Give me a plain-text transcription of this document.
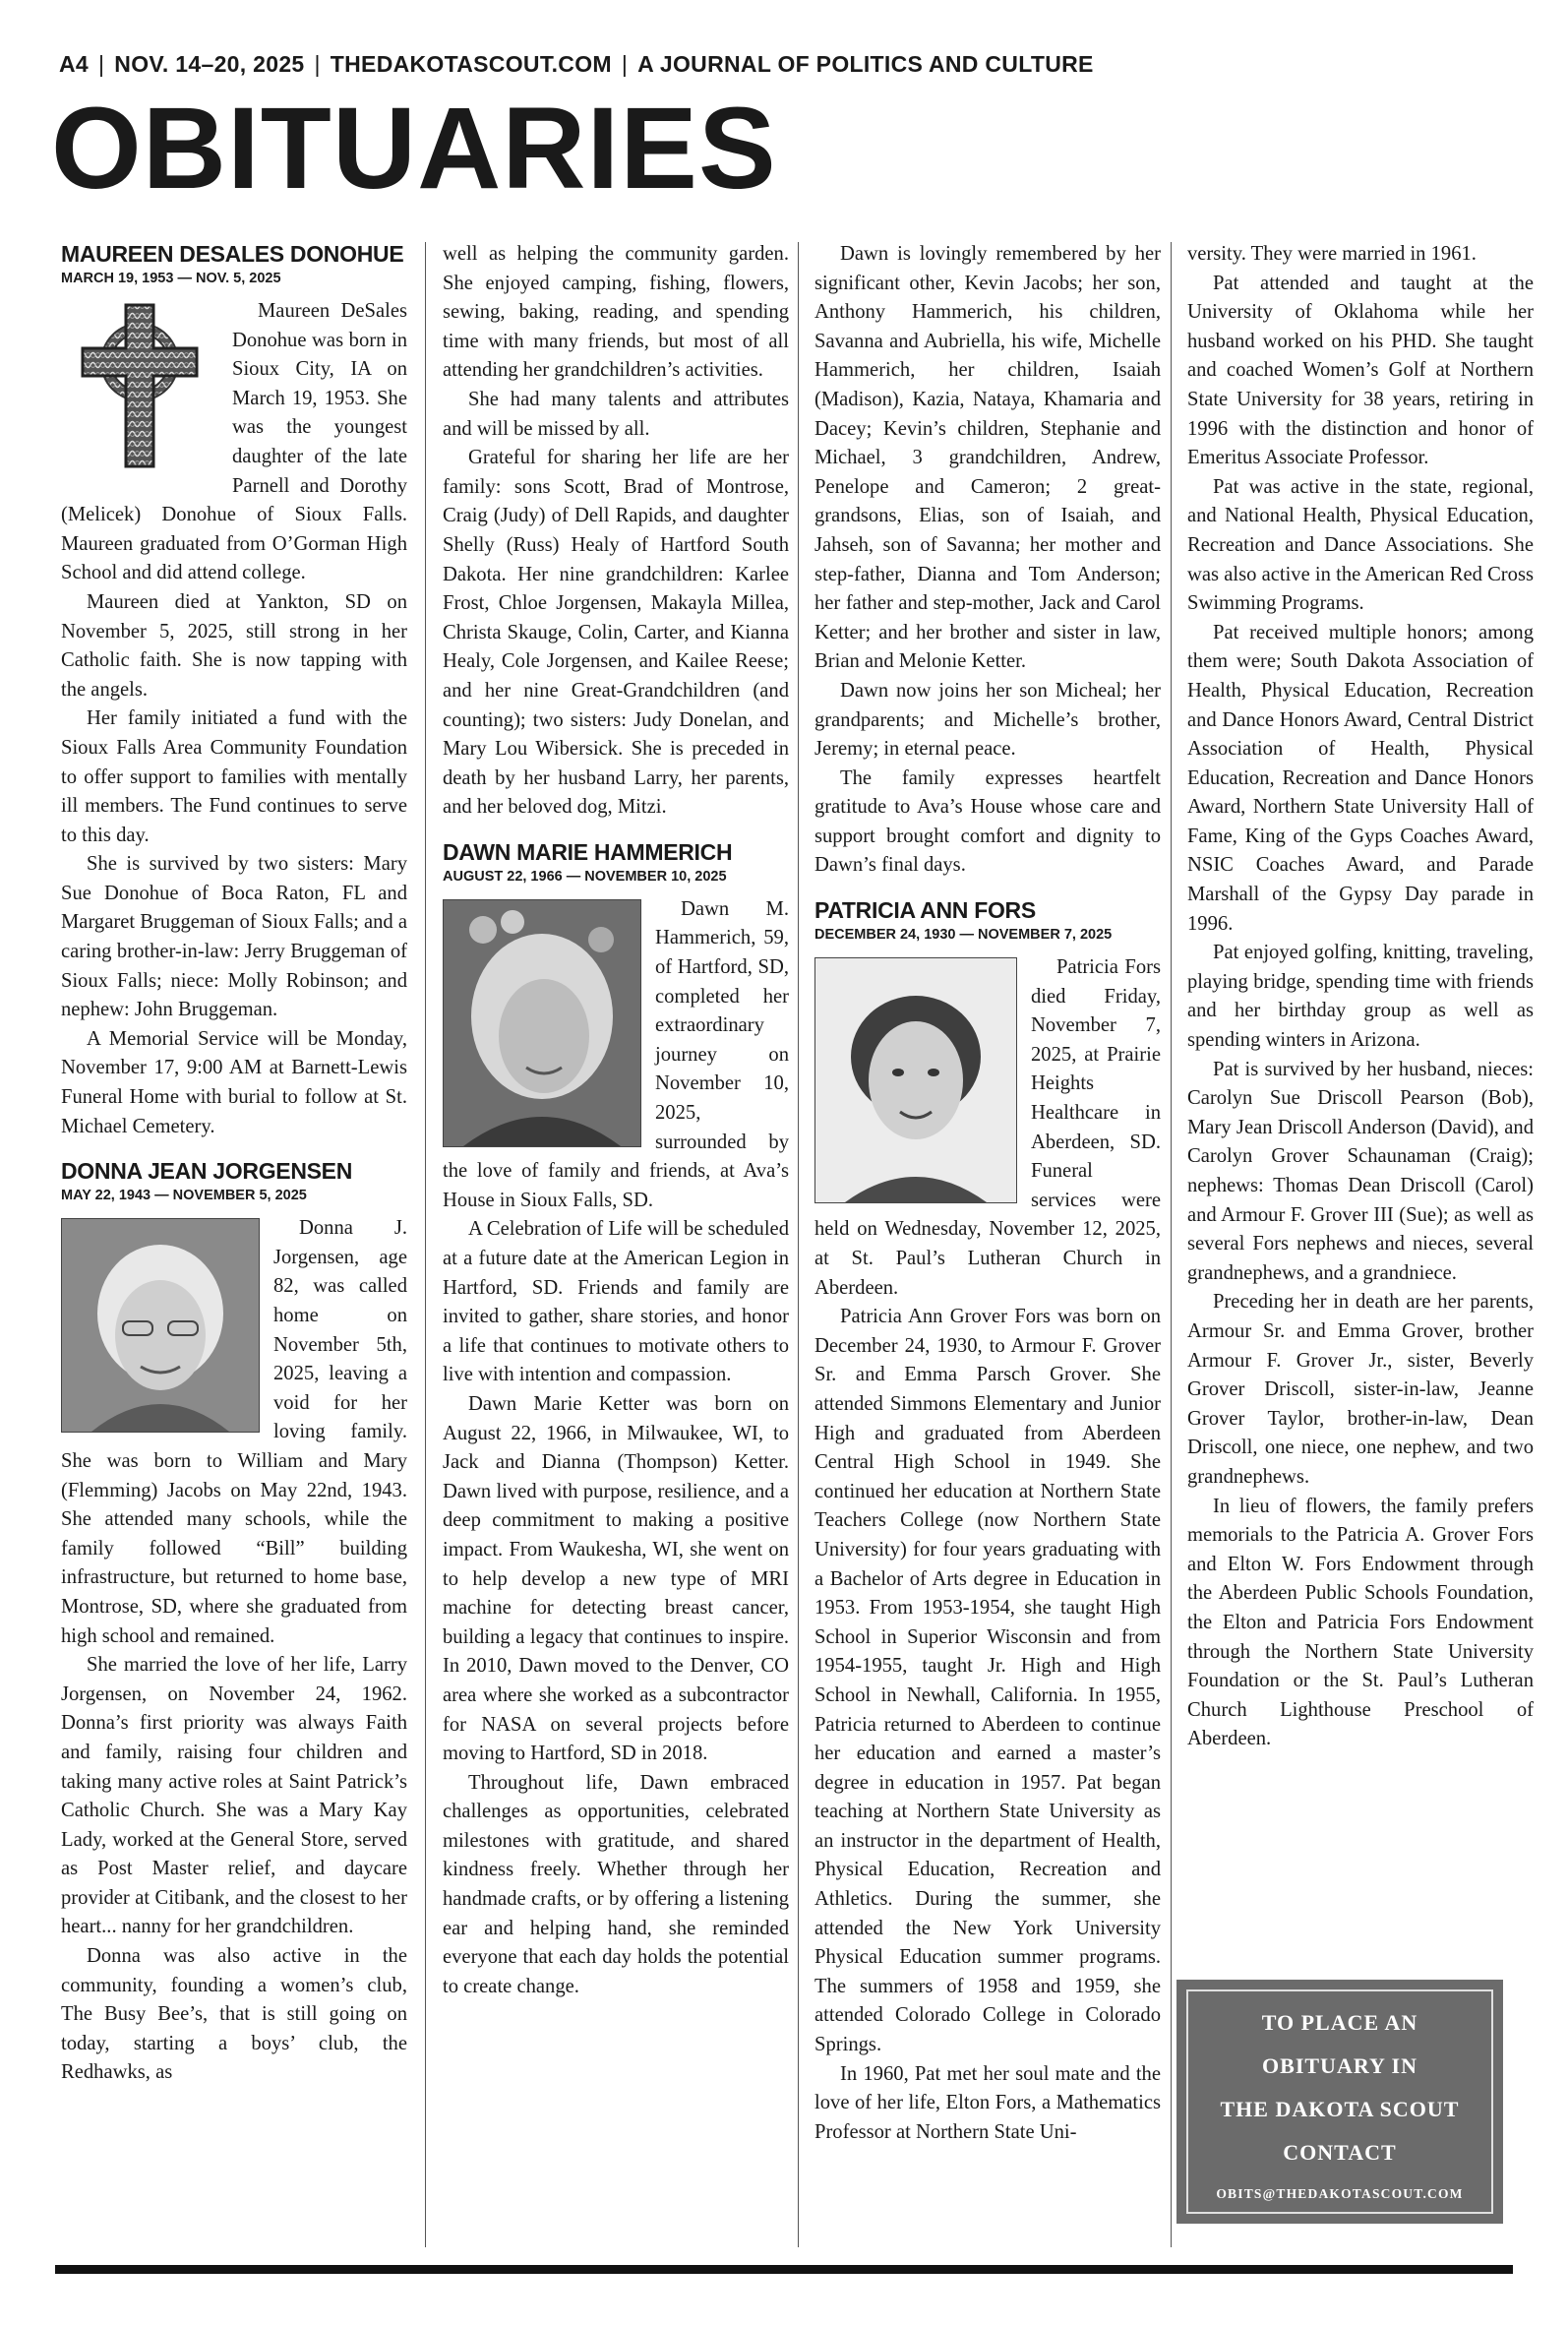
A4 | NOV. 14–20, 2025 | THEDAKOTASCOUT.COM | A JOURNAL OF POLITICS AND CULTURE
OBITUARIES
MAUREEN DESALES DONOHUE
MARCH 19, 1953 — NOV. 5, 2025

Maureen DeSales Donohue was born in Sioux City, IA on March 19, 1953. She was the youngest daughter of the late Parnell and Dorothy (Melicek) Donohue of Sioux Falls. Maureen graduated from O’Gorman High School and did attend college.

Maureen died at Yankton, SD on November 5, 2025, still strong in her Catholic faith. She is now tapping with the angels.

Her family initiated a fund with the Sioux Falls Area Community Foundation to offer support to families with mentally ill members. The Fund continues to serve to this day.

She is survived by two sisters: Mary Sue Donohue of Boca Raton, FL and Margaret Bruggeman of Sioux Falls; and a caring brother-in-law: Jerry Bruggeman of Sioux Falls; niece: Molly Robinson; and nephew: John Bruggeman.

A Memorial Service will be Monday, November 17, 9:00 AM at Barnett-Lewis Funeral Home with burial to follow at St. Michael Cemetery.

DONNA JEAN JORGENSEN
MAY 22, 1943 — NOVEMBER 5, 2025

Donna J. Jorgensen, age 82, was called home on November 5th, 2025, leaving a void for her loving family. She was born to William and Mary (Flemming) Jacobs on May 22nd, 1943. She attended many schools, while the family followed “Bill” building infrastructure, but returned to home base, Montrose, SD, where she graduated from high school and remained.

She married the love of her life, Larry Jorgensen, on November 24, 1962. Donna’s first priority was always Faith and family, raising four children and taking many active roles at Saint Patrick’s Catholic Church. She was a Mary Kay Lady, worked at the General Store, served as Post Master relief, and daycare provider at Citibank, and the closest to her heart... nanny for her grandchildren.

Donna was also active in the community, founding a women’s club, The Busy Bee’s, that is still going on today, starting a boys’ club, the Redhawks, as

well as helping the community garden. She enjoyed camping, fishing, flowers, sewing, baking, reading, and spending time with many friends, but most of all attending her grandchildren’s activities.

She had many talents and attributes and will be missed by all.

Grateful for sharing her life are her family: sons Scott, Brad of Montrose, Craig (Judy) of Dell Rapids, and daughter Shelly (Russ) Healy of Hartford South Dakota. Her nine grandchildren: Karlee Frost, Chloe Jorgensen, Makayla Millea, Christa Skauge, Colin, Carter, and Kianna Healy, Cole Jorgensen, and Kailee Reese; and her nine Great-Grandchildren (and counting); two sisters: Judy Donelan, and Mary Lou Wibersick. She is preceded in death by her husband Larry, her parents, and her beloved dog, Mitzi.

DAWN MARIE HAMMERICH
AUGUST 22, 1966 — NOVEMBER 10, 2025

Dawn M. Hammerich, 59, of Hartford, SD, completed her extraordinary journey on November 10, 2025, surrounded by the love of family and friends, at Ava’s House in Sioux Falls, SD.

A Celebration of Life will be scheduled at a future date at the American Legion in Hartford, SD. Friends and family are invited to gather, share stories, and honor a life that continues to motivate others to live with intention and compassion.

Dawn Marie Ketter was born on August 22, 1966, in Milwaukee, WI, to Jack and Dianna (Thompson) Ketter. Dawn lived with purpose, resilience, and a deep commitment to making a positive impact. From Waukesha, WI, she went on to help develop a new type of MRI machine for detecting breast cancer, building a legacy that continues to inspire. In 2010, Dawn moved to the Denver, CO area where she worked as a subcontractor for NASA on several projects before moving to Hartford, SD in 2018.

Throughout life, Dawn embraced challenges as opportunities, celebrated milestones with gratitude, and shared kindness freely. Whether through her handmade crafts, or by offering a listening ear and helping hand, she reminded everyone that each day holds the potential to create change.

Dawn is lovingly remembered by her significant other, Kevin Jacobs; her son, Anthony Hammerich, his children, Savanna and Aubriella, his wife, Michelle Hammerich, her children, Isaiah (Madison), Kazia, Nataya, Khamaria and Dacey; Kevin’s children, Stephanie and Michael, 3 grandchildren, Andrew, Penelope and Cameron; 2 great-grandsons, Elias, son of Isaiah, and Jahseh, son of Savanna; her mother and step-father, Dianna and Tom Anderson; her father and step-mother, Jack and Carol Ketter; and her brother and sister in law, Brian and Melonie Ketter.

Dawn now joins her son Micheal; her grandparents; and Michelle’s brother, Jeremy; in eternal peace.

The family expresses heartfelt gratitude to Ava’s House whose care and support brought comfort and dignity to Dawn’s final days.

PATRICIA ANN FORS
DECEMBER 24, 1930 — NOVEMBER 7, 2025

Patricia Fors died Friday, November 7, 2025, at Prairie Heights Healthcare in Aberdeen, SD. Funeral services were held on Wednesday, November 12, 2025, at St. Paul’s Lutheran Church in Aberdeen.

Patricia Ann Grover Fors was born on December 24, 1930, to Armour F. Grover Sr. and Emma Parsch Grover. She attended Simmons Elementary and Junior High and graduated from Aberdeen Central High School in 1949. She continued her education at Northern State Teachers College (now Northern State University) for four years graduating with a Bachelor of Arts degree in Education in 1953. From 1953-1954, she taught High School in Superior Wisconsin and from 1954-1955, taught Jr. High and High School in Newhall, California. In 1955, Patricia returned to Aberdeen to continue her education and earned a master’s degree in education in 1957. Pat began teaching at Northern State University as an instructor in the department of Health, Physical Education, Recreation and Athletics. During the summer, she attended the New York University Physical Education summer programs. The summers of 1958 and 1959, she attended Colorado College in Colorado Springs.

In 1960, Pat met her soul mate and the love of her life, Elton Fors, a Mathematics Professor at Northern State Uni-

versity. They were married in 1961.

Pat attended and taught at the University of Oklahoma while her husband worked on his PHD. She taught and coached Women’s Golf at Northern State University for 38 years, retiring in 1996 with the distinction and honor of Emeritus Associate Professor.

Pat was active in the state, regional, and National Health, Physical Education, Recreation and Dance Associations. She was also active in the American Red Cross Swimming Programs.

Pat received multiple honors; among them were; South Dakota Association of Health, Physical Education, Recreation and Dance Honors Award, Central District Association of Health, Physical Education, Recreation and Dance Honors Award, Northern State University Hall of Fame, King of the Gyps Coaches Award, NSIC Coaches Award, and Parade Marshall of the Gypsy Day parade in 1996.

Pat enjoyed golfing, knitting, traveling, playing bridge, spending time with friends and her birthday group as well as spending winters in Arizona.

Pat is survived by her husband, nieces: Carolyn Sue Driscoll Pearson (Bob), Mary Jean Driscoll Anderson (David), and Carolyn Grover Schaunaman (Craig); nephews: Thomas Dean Driscoll (Carol) and Armour F. Grover III (Sue); as well as several Fors nephews and nieces, several grandnephews, and a grandniece.

Preceding her in death are her parents, Armour Sr. and Emma Grover, brother Armour F. Grover Jr., sister, Beverly Grover Driscoll, sister-in-law, Jeanne Grover Taylor, brother-in-law, Dean Driscoll, one niece, one nephew, and two grandnephews.

In lieu of flowers, the family prefers memorials to the Patricia A. Grover Fors and Elton W. Fors Endowment through the Aberdeen Public Schools Foundation, the Elton and Patricia Fors Endowment through the Northern State University Foundation or the St. Paul’s Lutheran Church Lighthouse Preschool of Aberdeen.

TO PLACE AN
OBITUARY IN
THE DAKOTA SCOUT
CONTACT
OBITS@THEDAKOTASCOUT.COM
